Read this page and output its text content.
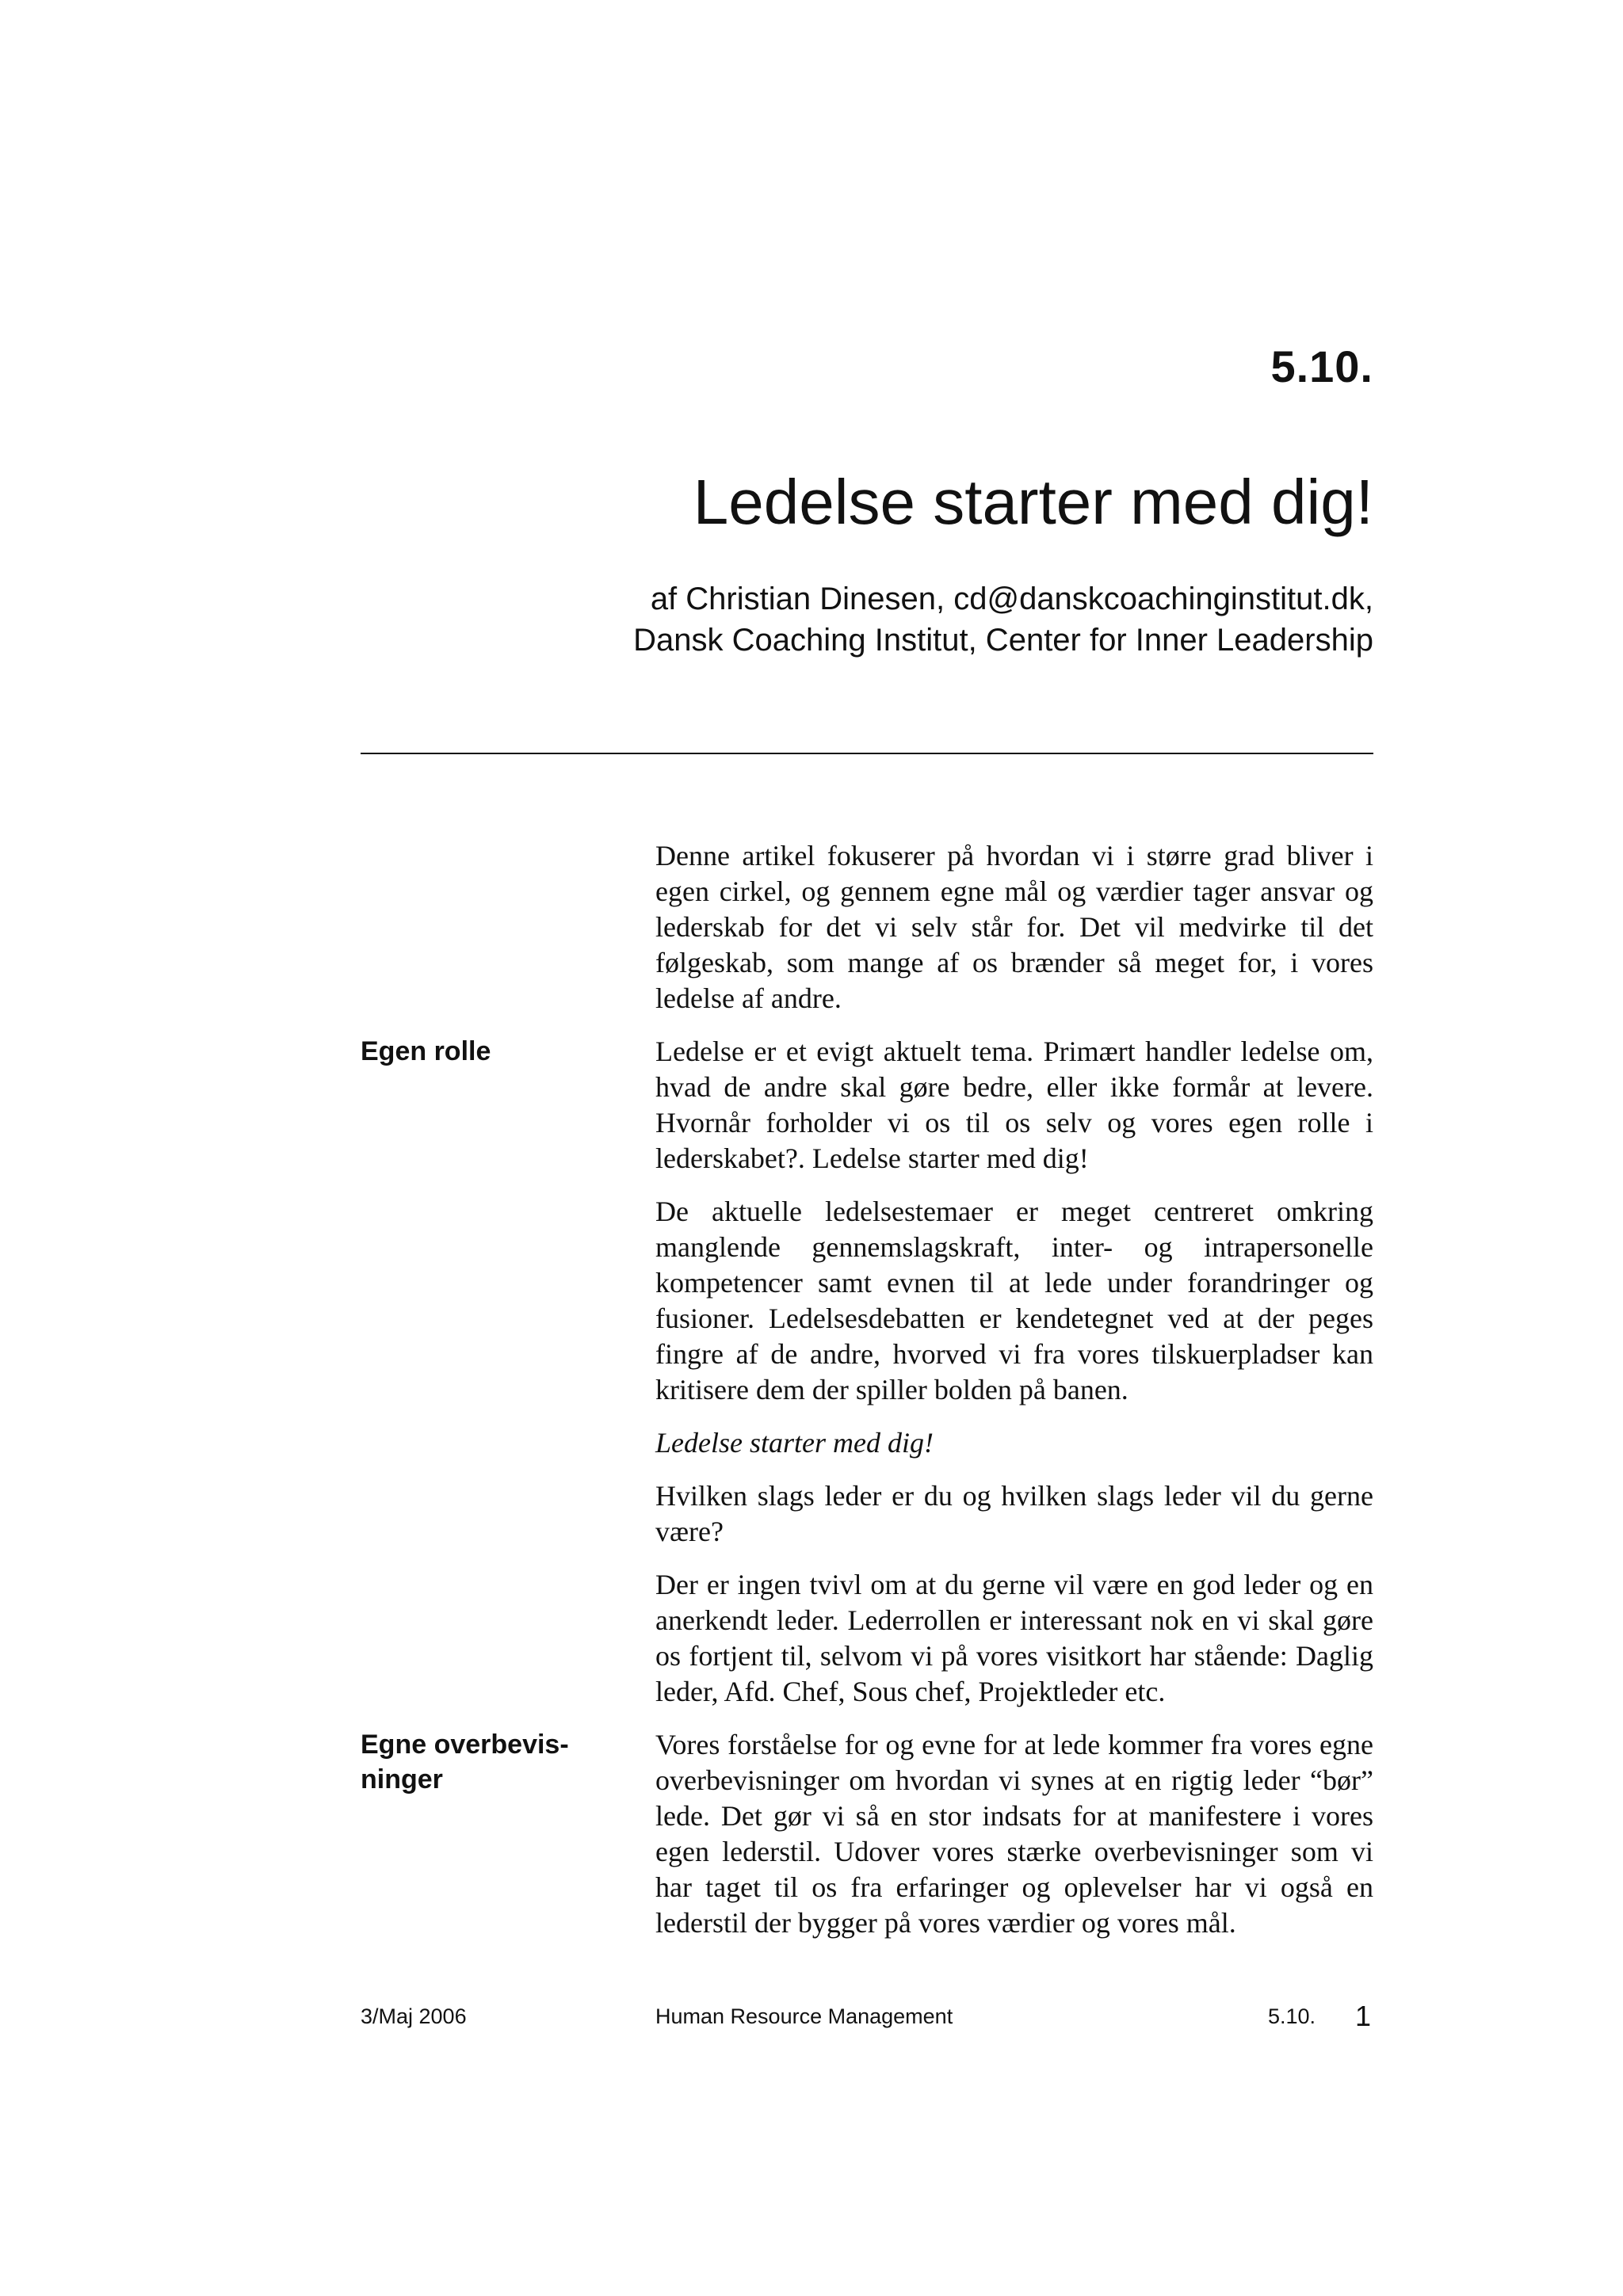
5.10.
Ledelse starter med dig!
af Christian Dinesen, cd@danskcoachinginstitut.dk,
Dansk Coaching Institut, Center for Inner Leadership

Denne artikel fokuserer på hvordan vi i større grad bliver i egen cirkel, og gennem egne mål og værdier tager ansvar og lederskab for det vi selv står for. Det vil medvirke til det følgeskab, som mange af os brænder så meget for, i vores ledelse af andre.

Egen rolle	Ledelse er et evigt aktuelt tema. Primært handler ledelse om, hvad de andre skal gøre bedre, eller ikke formår at levere. Hvornår forholder vi os til os selv og vores egen rolle i lederskabet?. Ledelse starter med dig!

De aktuelle ledelsestemaer er meget centreret omkring manglende gennemslagskraft, inter- og intrapersonelle kompetencer samt evnen til at lede under forandringer og fusioner. Ledelsesdebatten er kendetegnet ved at der peges fingre af de andre, hvorved vi fra vores tilskuerpladser kan kritisere dem der spiller bolden på banen.

Ledelse starter med dig!

Hvilken slags leder er du og hvilken slags leder vil du gerne være?

Der er ingen tvivl om at du gerne vil være en god leder og en anerkendt leder. Lederrollen er interessant nok en vi skal gøre os fortjent til, selvom vi på vores visitkort har stående: Daglig leder, Afd. Chef, Sous chef, Projektleder etc.

Egne overbevis-
ninger

Vores forståelse for og evne for at lede kommer fra vores egne overbevisninger om hvordan vi synes at en rigtig leder “bør” lede. Det gør vi så en stor indsats for at manifestere i vores egen lederstil. Udover vores stærke overbevisninger som vi har taget til os fra erfaringer og oplevelser har vi også en lederstil der bygger på vores værdier og vores mål.

3/Maj 2006	Human Resource Management	5.10. 1
